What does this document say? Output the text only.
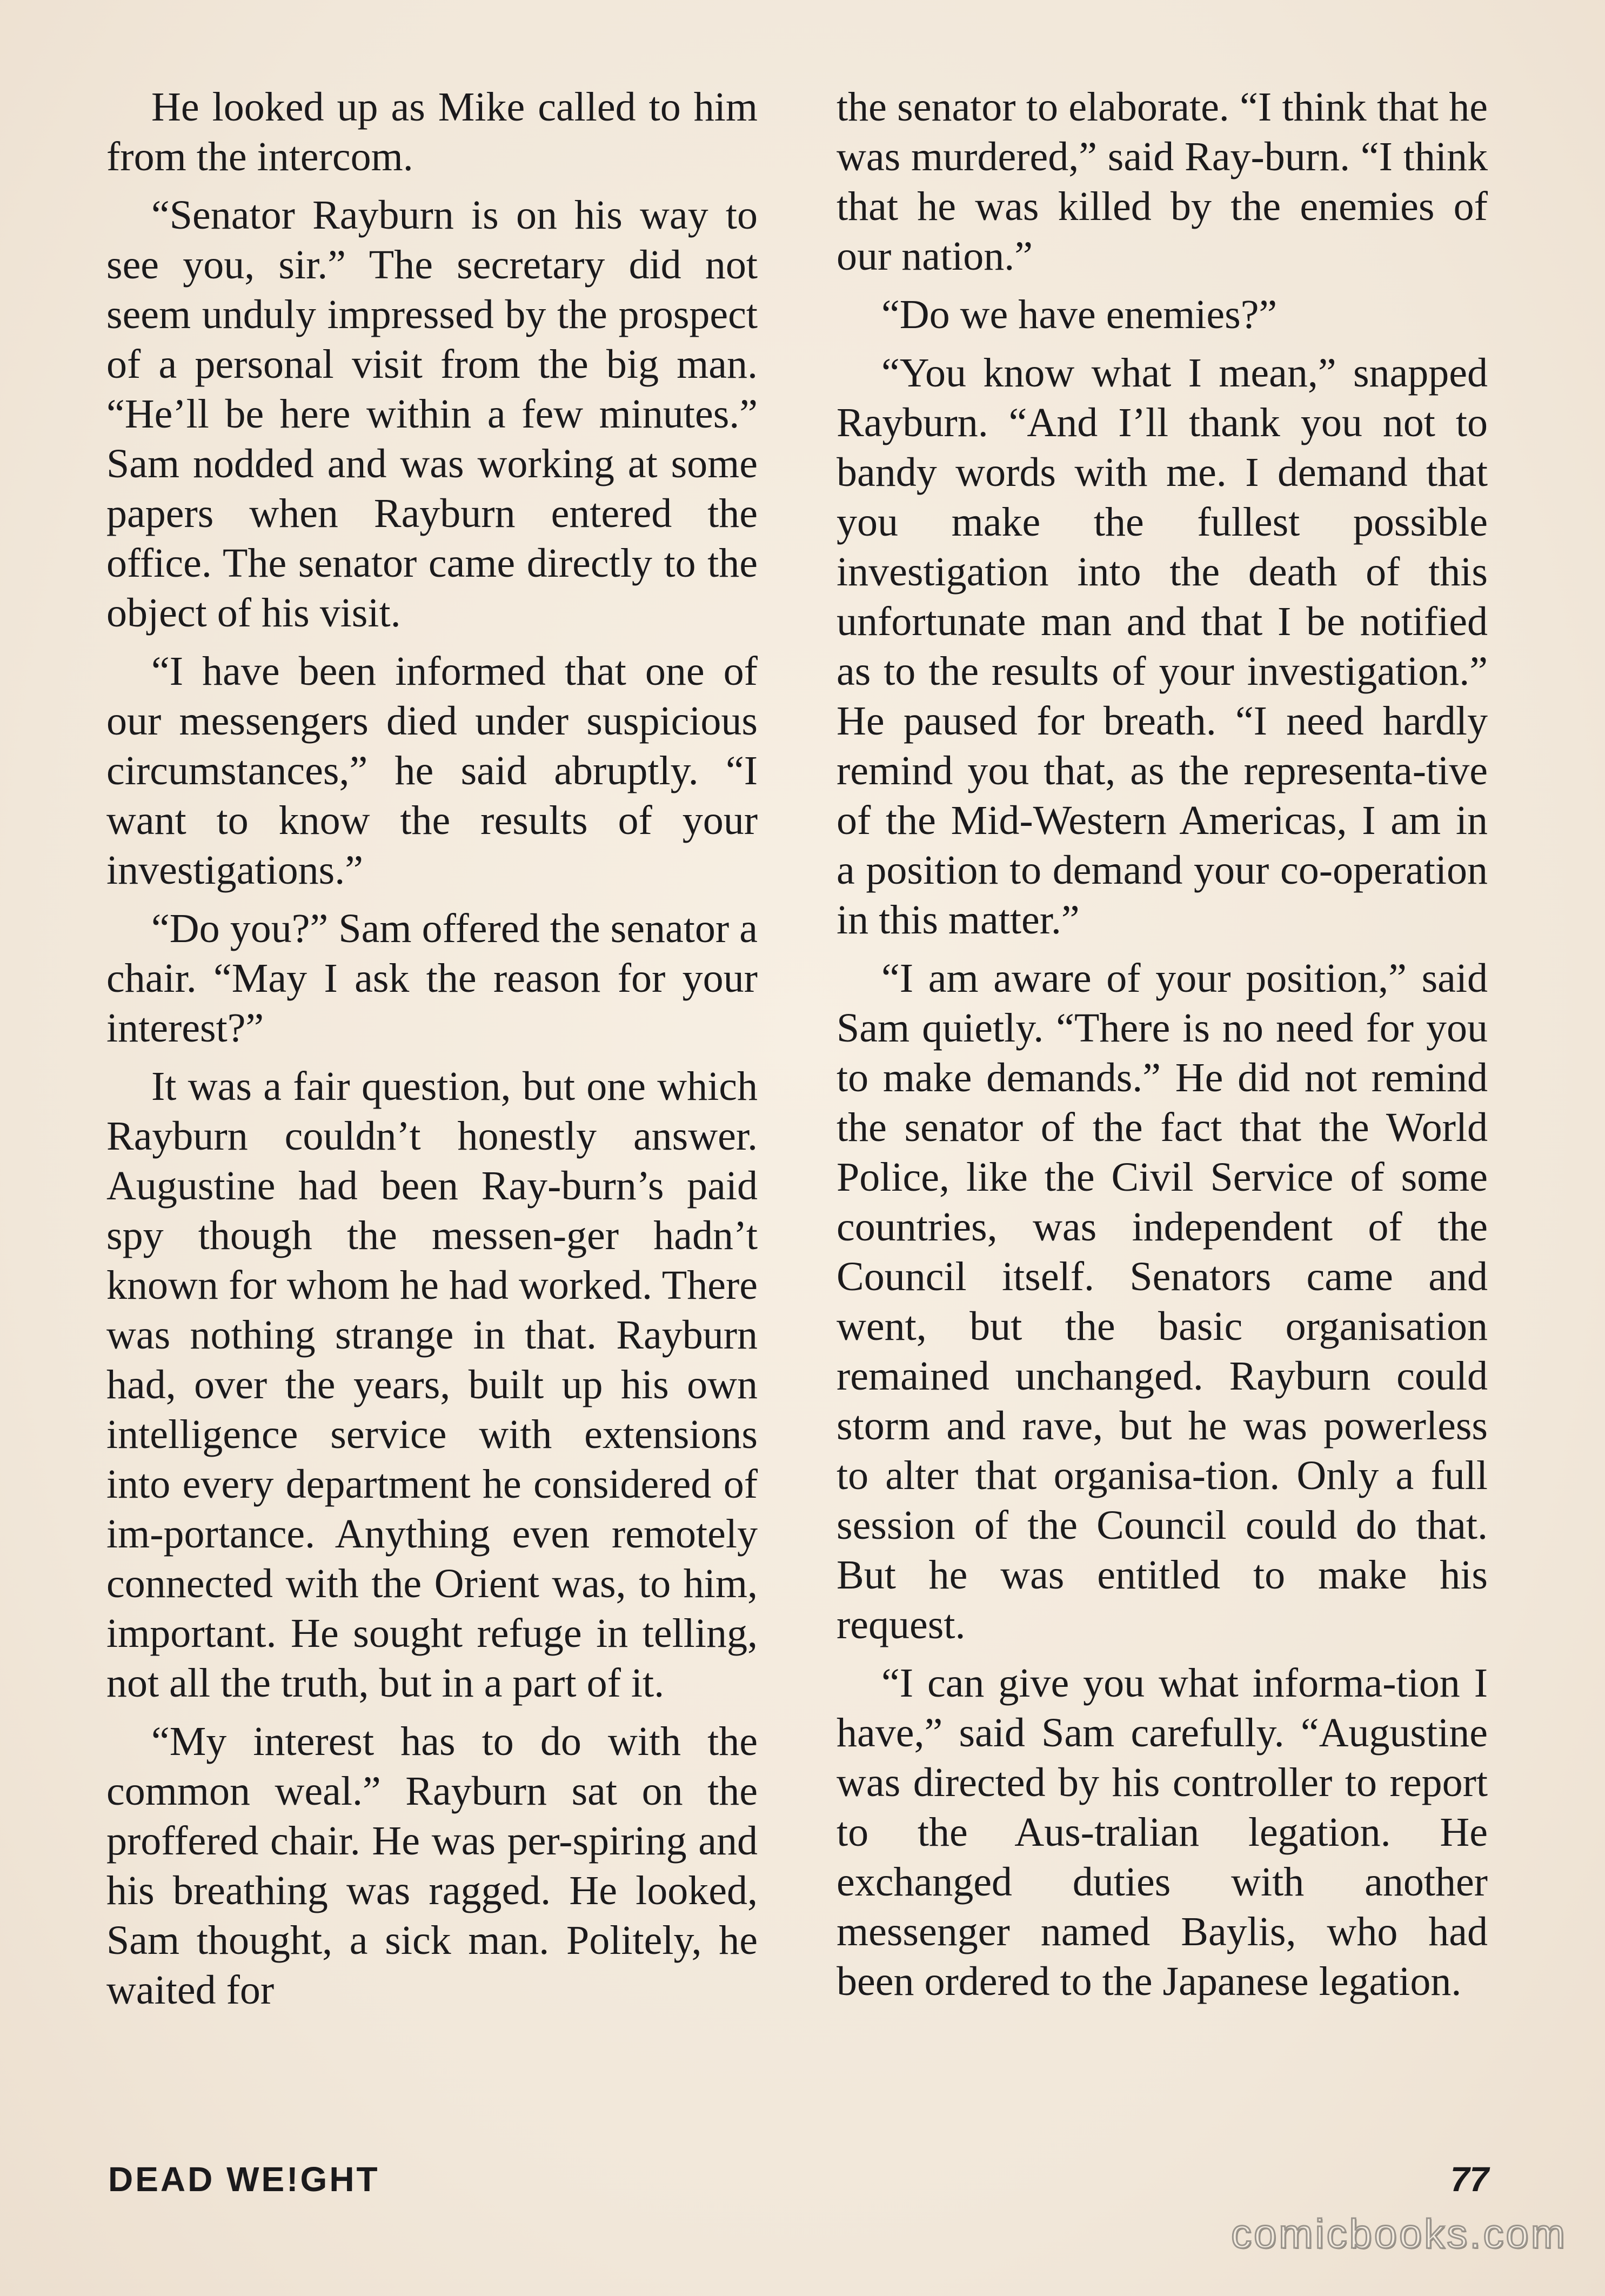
He looked up as Mike called to him from the intercom.

“Senator Rayburn is on his way to see you, sir.” The secretary did not seem unduly impressed by the prospect of a personal visit from the big man. “He’ll be here within a few minutes.” Sam nodded and was working at some papers when Rayburn entered the office. The senator came directly to the object of his visit.

“I have been informed that one of our messengers died under suspicious circumstances,” he said abruptly. “I want to know the results of your investigations.”

“Do you?” Sam offered the senator a chair. “May I ask the reason for your interest?”

It was a fair question, but one which Rayburn couldn’t honestly answer. Augustine had been Ray-burn’s paid spy though the messen-ger hadn’t known for whom he had worked. There was nothing strange in that. Rayburn had, over the years, built up his own intelligence service with extensions into every department he considered of im-portance. Anything even remotely connected with the Orient was, to him, important. He sought refuge in telling, not all the truth, but in a part of it.

“My interest has to do with the common weal.” Rayburn sat on the proffered chair. He was per-spiring and his breathing was ragged. He looked, Sam thought, a sick man. Politely, he waited for

the senator to elaborate. “I think that he was murdered,” said Ray-burn. “I think that he was killed by the enemies of our nation.”

“Do we have enemies?”

“You know what I mean,” snapped Rayburn. “And I’ll thank you not to bandy words with me. I demand that you make the fullest possible investigation into the death of this unfortunate man and that I be notified as to the results of your investigation.” He paused for breath. “I need hardly remind you that, as the representa-tive of the Mid-Western Americas, I am in a position to demand your co-operation in this matter.”

“I am aware of your position,” said Sam quietly. “There is no need for you to make demands.” He did not remind the senator of the fact that the World Police, like the Civil Service of some countries, was independent of the Council itself. Senators came and went, but the basic organisation remained unchanged. Rayburn could storm and rave, but he was powerless to alter that organisa-tion. Only a full session of the Council could do that. But he was entitled to make his request.

“I can give you what informa-tion I have,” said Sam carefully. “Augustine was directed by his controller to report to the Aus-tralian legation. He exchanged duties with another messenger named Baylis, who had been ordered to the Japanese legation.

DEAD WE!GHT	77
comicbooks.com
